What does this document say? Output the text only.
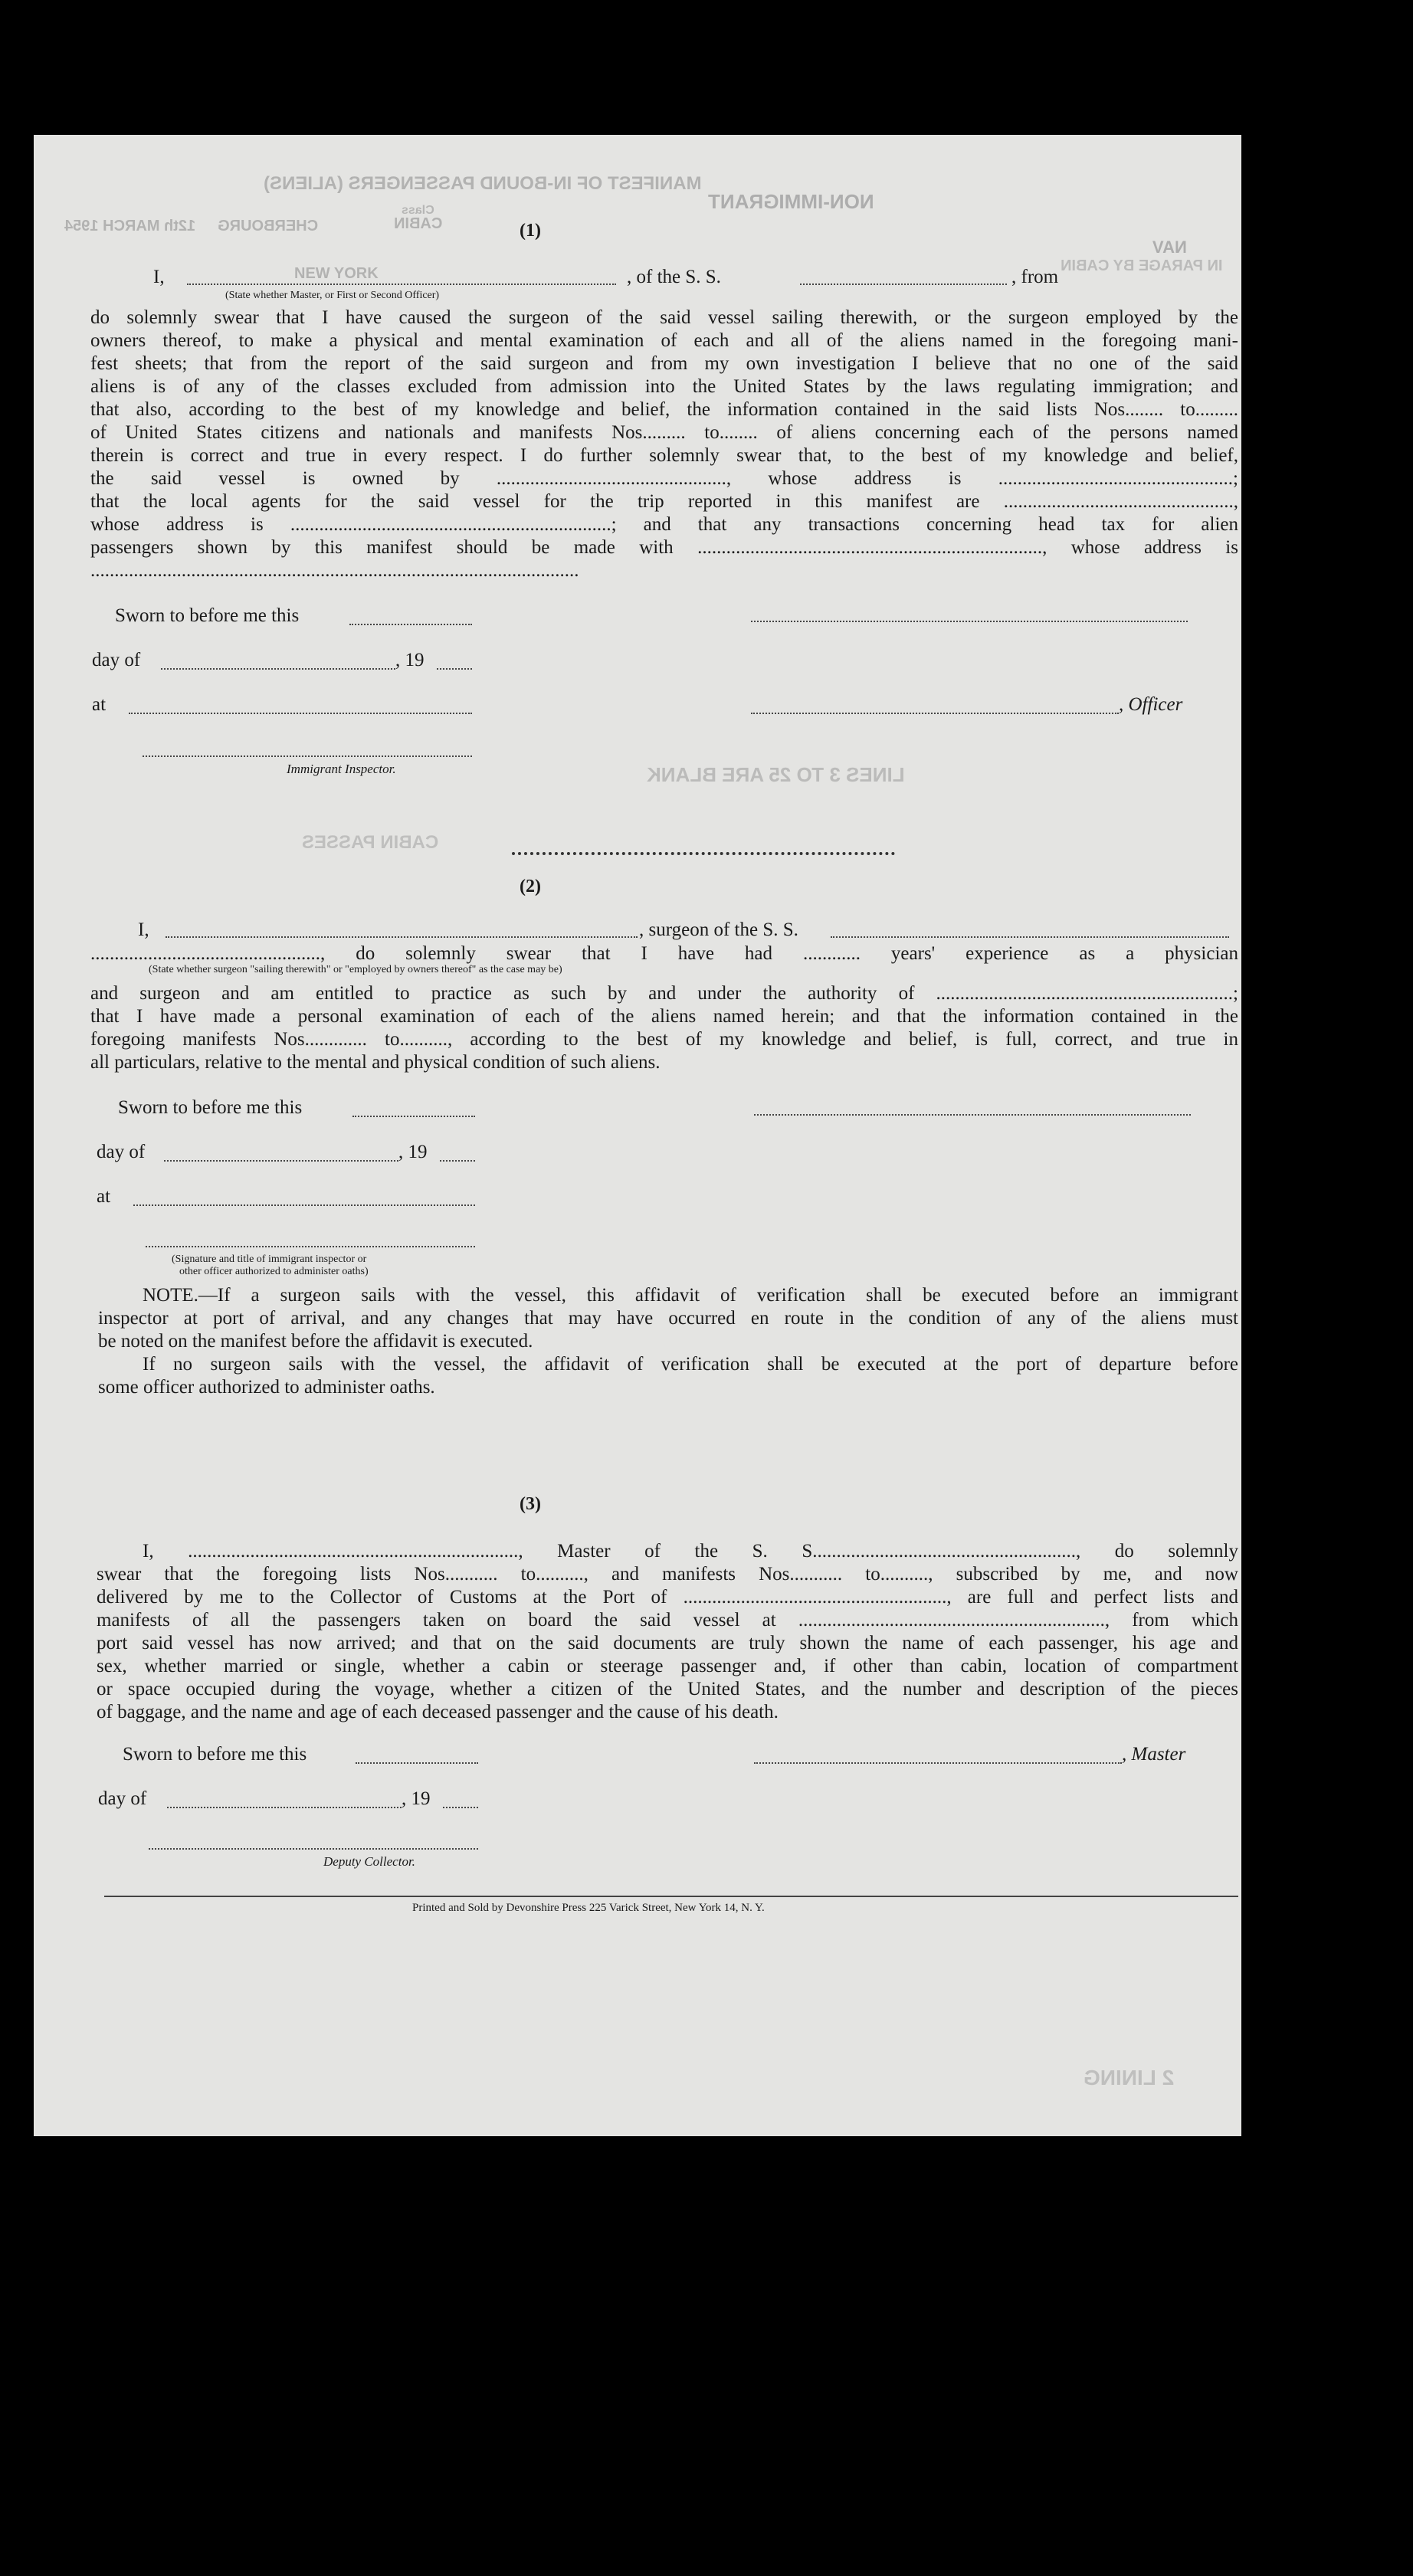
MANIFEST OF IN-BOUND PASSENGERS (ALIENS)
Class	NON-IMMIGRANT
CABIN
CHERBOURG
12th MARCH 1954
NAV
IN PARAGE BY CABIN
(1)
I,	NEW YORK	, of the S. S.	, from
(State whether Master, or First or Second Officer)
do solemnly swear that I have caused the surgeon of the said vessel sailing therewith, or the surgeon employed by the
owners thereof, to make a physical and mental examination of each and all of the aliens named in the foregoing mani-
fest sheets; that from the report of the said surgeon and from my own investigation I believe that no one of the said
aliens is of any of the classes excluded from admission into the United States by the laws regulating immigration; and
that also, according to the best of my knowledge and belief, the information contained in the said lists Nos........ to.........
of United States citizens and nationals and manifests Nos......... to........ of aliens concerning each of the persons named
therein is correct and true in every respect. I do further solemnly swear that, to the best of my knowledge and belief,
the said vessel is owned by ................................................, whose address is .................................................;
that the local agents for the said vessel for the trip reported in this manifest are ................................................,
whose address is ...................................................................; and that any transactions concerning head tax for alien
passengers shown by this manifest should be made with ........................................................................, whose address is
......................................................................................................
Sworn to before me this
day of	, 19
at	, Officer
Immigrant Inspector.	LINES 3 TO 25 ARE BLANK
CABIN PASSES
(2)
I,	, surgeon of the S. S.
................................................, do solemnly swear that I have had ............ years' experience as a physician
(State whether surgeon "sailing therewith" or "employed by owners thereof" as the case may be)
and surgeon and am entitled to practice as such by and under the authority of ..............................................................;
that I have made a personal examination of each of the aliens named herein; and that the information contained in the
foregoing manifests Nos............. to.........., according to the best of my knowledge and belief, is full, correct, and true in
all particulars, relative to the mental and physical condition of such aliens.
Sworn to before me this
day of	, 19
at
(Signature and title of immigrant inspector or
other officer authorized to administer oaths)
NOTE.—If a surgeon sails with the vessel, this affidavit of verification shall be executed before an immigrant
inspector at port of arrival, and any changes that may have occurred en route in the condition of any of the aliens must
be noted on the manifest before the affidavit is executed.
If no surgeon sails with the vessel, the affidavit of verification shall be executed at the port of departure before
some officer authorized to administer oaths.
(3)
I, ....................................................................., Master of the S. S......................................................., do solemnly
swear that the foregoing lists Nos........... to.........., and manifests Nos........... to.........., subscribed by me, and now
delivered by me to the Collector of Customs at the Port of ......................................................., are full and perfect lists and
manifests of all the passengers taken on board the said vessel at ................................................................, from which
port said vessel has now arrived; and that on the said documents are truly shown the name of each passenger, his age and
sex, whether married or single, whether a cabin or steerage passenger and, if other than cabin, location of compartment
or space occupied during the voyage, whether a citizen of the United States, and the number and description of the pieces
of baggage, and the name and age of each deceased passenger and the cause of his death.
Sworn to before me this	, Master
day of	, 19
Deputy Collector.
Printed and Sold by Devonshire Press 225 Varick Street, New York 14, N. Y.
2 LINING
